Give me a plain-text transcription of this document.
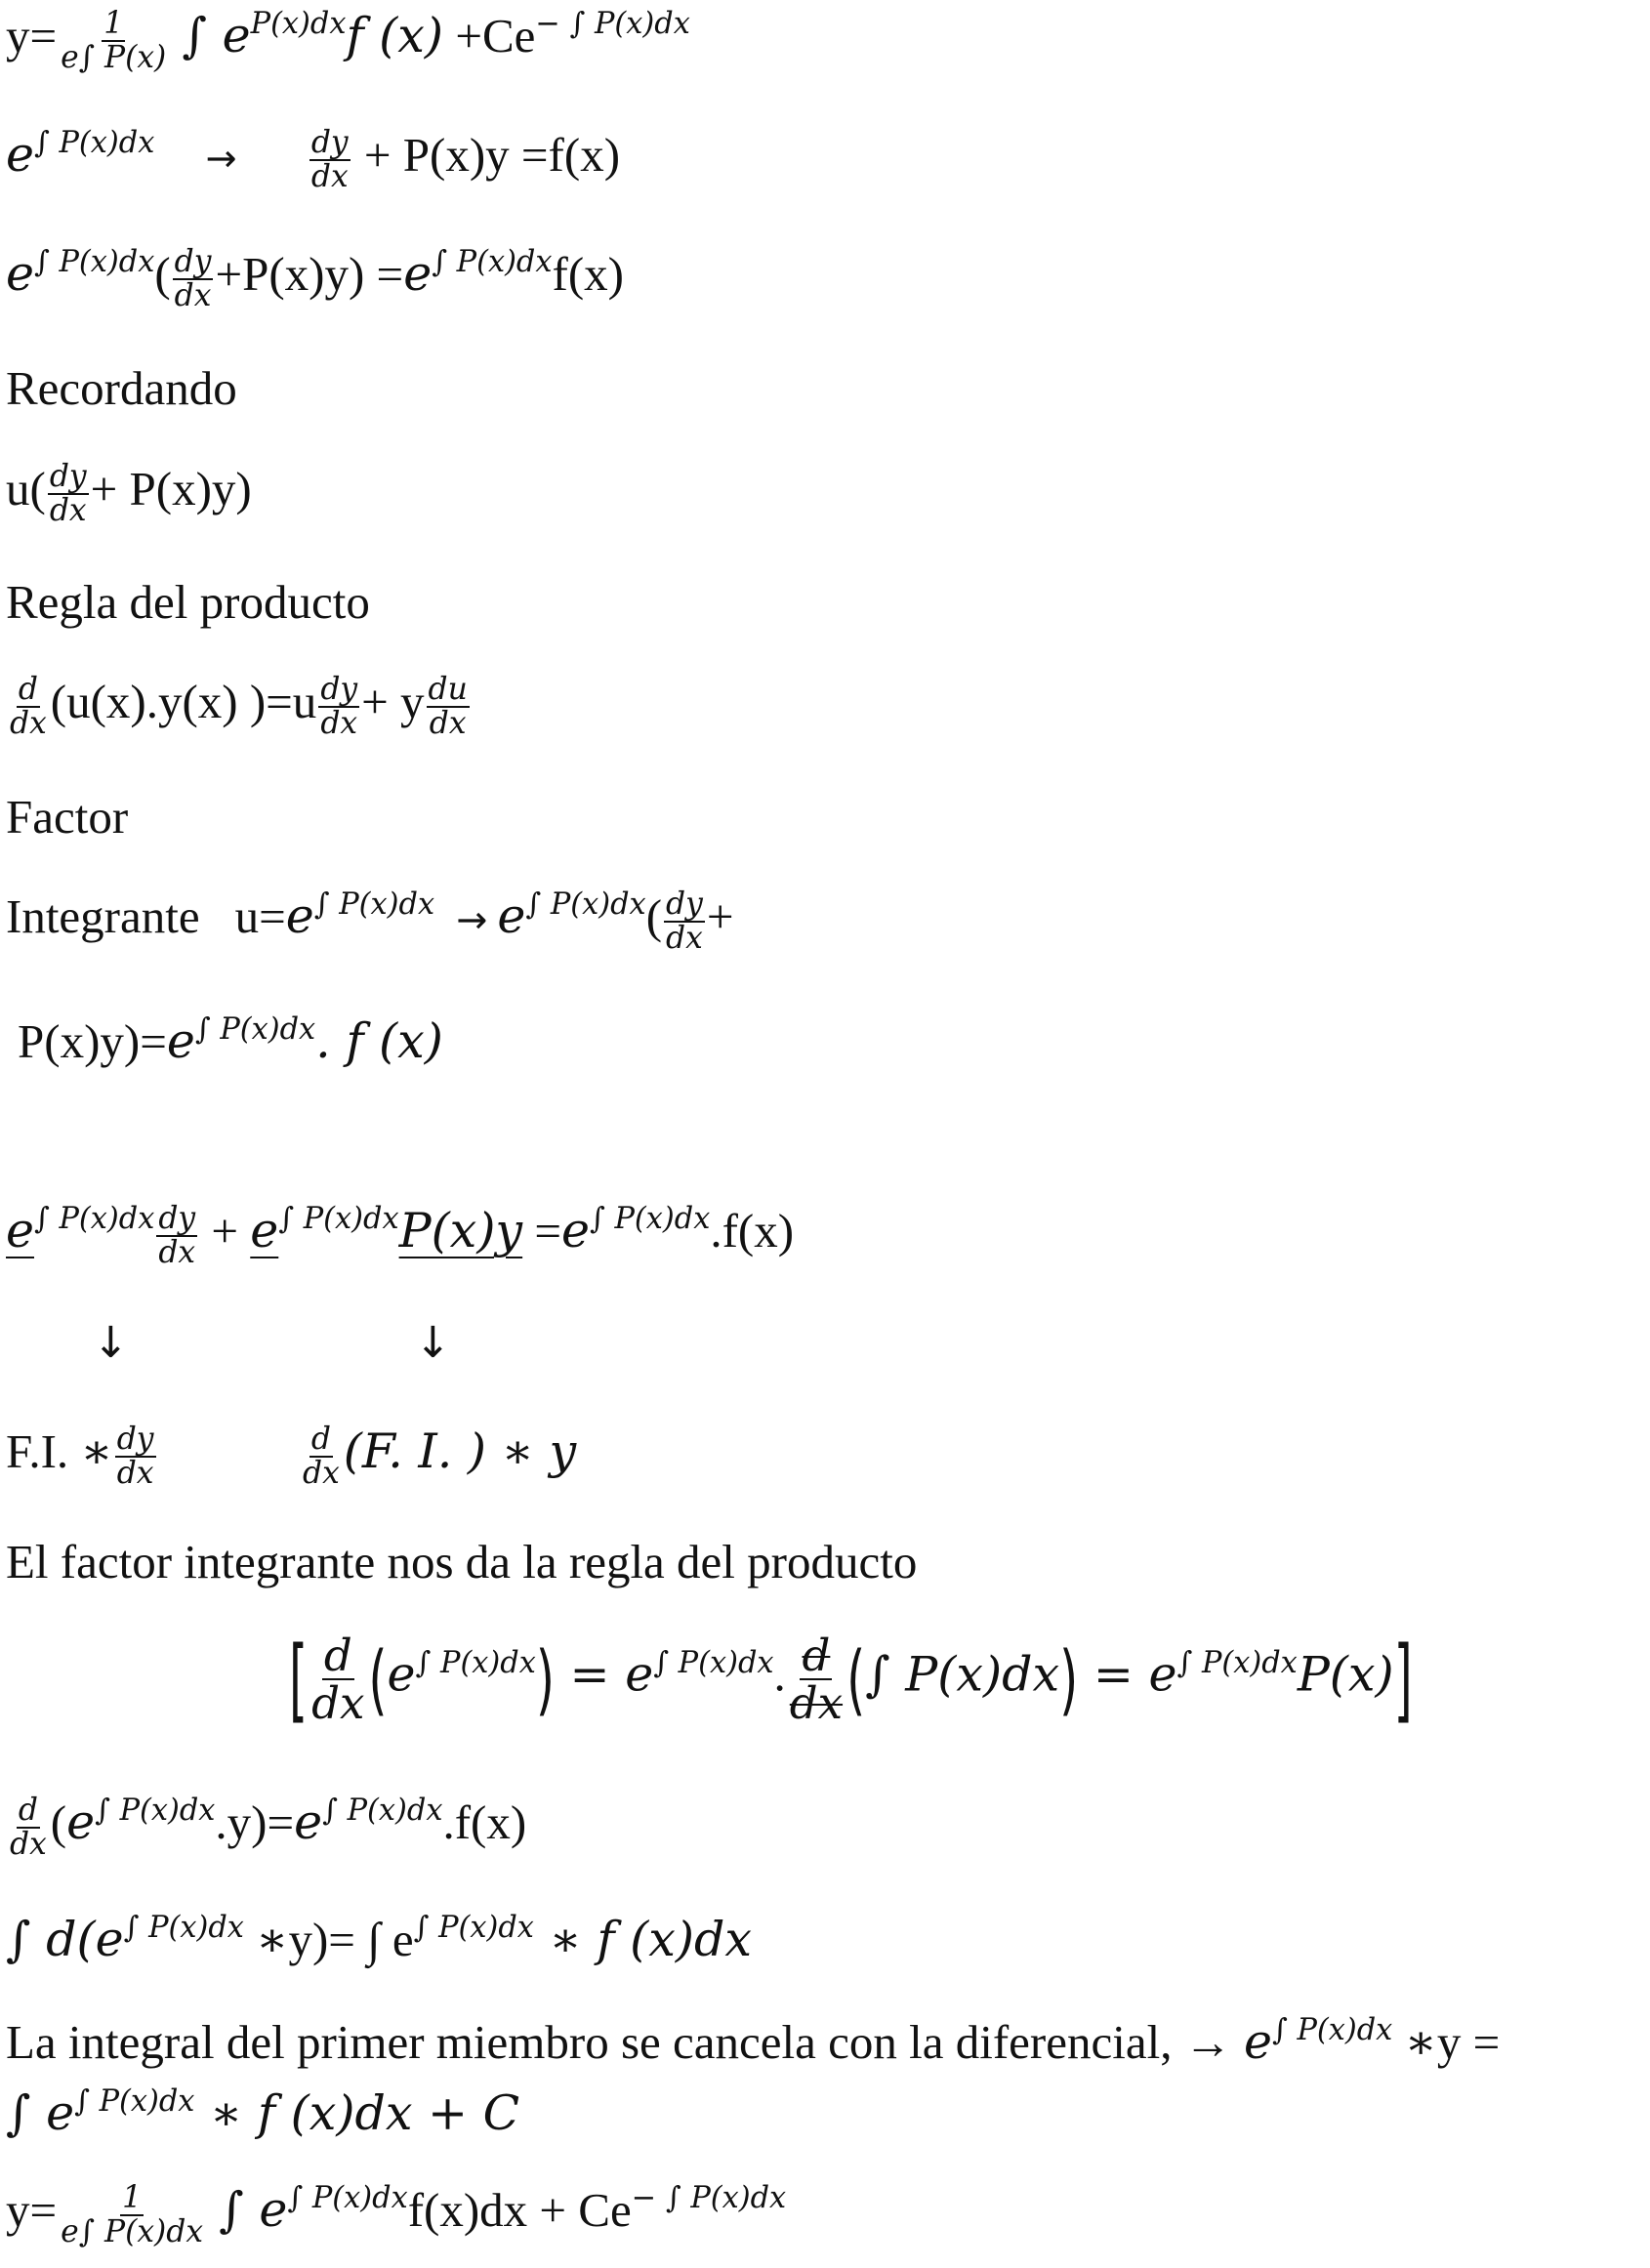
$y= \frac{1}{e\int P(x)}$ ∫ eP(x)dxf (x) +Ce− ∫ P(x)dx
e∫ $P(x)dx \to \frac{dy}{dx} + P(x)y =f(x)$
e∫ $P(x)dx( \frac{dy}{dx} +P(x)y) =e\int$ P(x)dxf(x)
Recordando
$u( \frac{dy}{dx} + P(x)y)$
Regla del producto
$\frac{d}{dx} (u(x).y(x)$ )$=u \frac{dy}{dx} + y \frac{du}{dx}$
Factor
Integrante u=e∫ P(x)dx → e∫ $P(x)dx( \frac{dy}{dx}$ +
P(x)y)=e∫ P(x)dx. f (x)
e∫ $P(x)dx \frac{dy}{dx} + e\int$ P(x)dxP(x)y =e∫ P(x)dx.f(x)
↓	↓
F.I. ∗ $\frac{dy}{dx}$
	$\frac{d}{dx} (F$. I. ) ∗ y
El factor integrante nos da la regla del producto
[ $\frac{d}{dx} (e\int$ P(x)dx) = e∫ P(x)dx. $\frac{d}{dx}$ (∫ P(x)dx) = e∫ P(x)dxP(x)]
$\frac{d}{dx} (e\int$ P(x)dx.y)=e∫ P(x)dx.f(x)
∫ d(e∫ P(x)dx ∗y)= ∫ e∫ P(x)dx ∗ f (x)dx
La integral del primer miembro se cancela con la diferencial, → e∫ P(x)dx ∗y =
∫ e∫ P(x)dx ∗ f (x)dx + C
$y= \frac{1}{e\int P(x)dx}$ ∫ e∫ P(x)dxf(x)dx + Ce− ∫ P(x)dx
